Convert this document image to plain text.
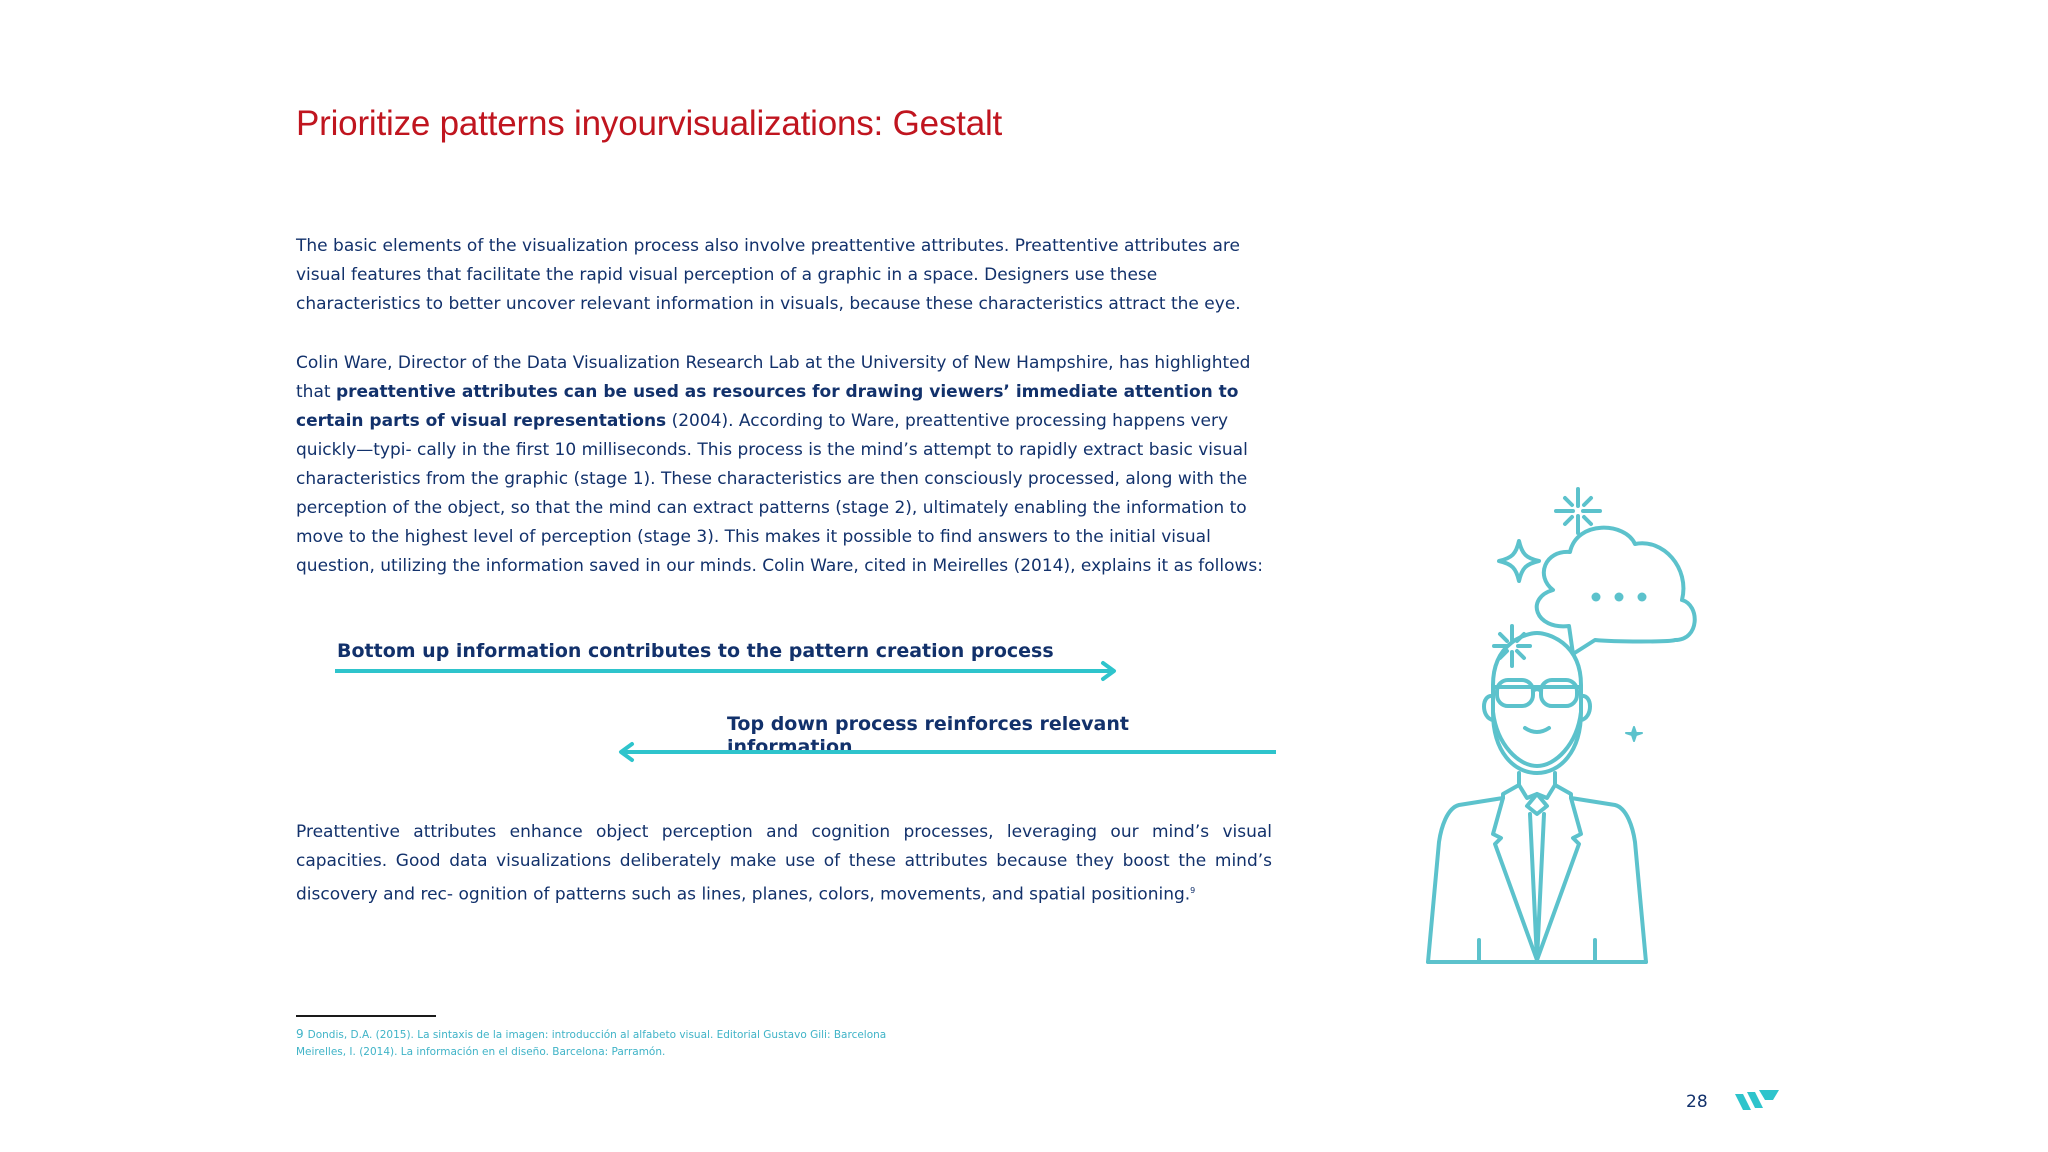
Prioritize patterns inyourvisualizations: Gestalt

The basic elements of the visualization process also involve preattentive attributes. Preattentive attributes are visual features that facilitate the rapid visual perception of a graphic in a space. Designers use these characteristics to better uncover relevant information in visuals, because these characteristics attract the eye.

Colin Ware, Director of the Data Visualization Research Lab at the University of New Hampshire, has highlighted that preattentive attributes can be used as resources for drawing viewers’ immediate attention to certain parts of visual representations (2004). According to Ware, preattentive processing happens very quickly—typi- cally in the first 10 milliseconds. This process is the mind’s attempt to rapidly extract basic visual characteristics from the graphic (stage 1). These characteristics are then consciously processed, along with the perception of the object, so that the mind can extract patterns (stage 2), ultimately enabling the information to move to the highest level of perception (stage 3). This makes it possible to find answers to the initial visual question, utilizing the information saved in our minds. Colin Ware, cited in Meirelles (2014), explains it as follows:

Bottom up information contributes to the pattern creation process
Top down process reinforces relevant information

Preattentive attributes enhance object perception and cognition processes, leveraging our mind’s visual capacities. Good data visualizations deliberately make use of these attributes because they boost the mind’s discovery and rec- ognition of patterns such as lines, planes, colors, movements, and spatial positioning.$^9$

9 Dondis, D.A. (2015). La sintaxis de la imagen: introducción al alfabeto visual. Editorial Gustavo Gili: Barcelona Meirelles, I. (2014). La información en el diseño. Barcelona: Parramón.

28
